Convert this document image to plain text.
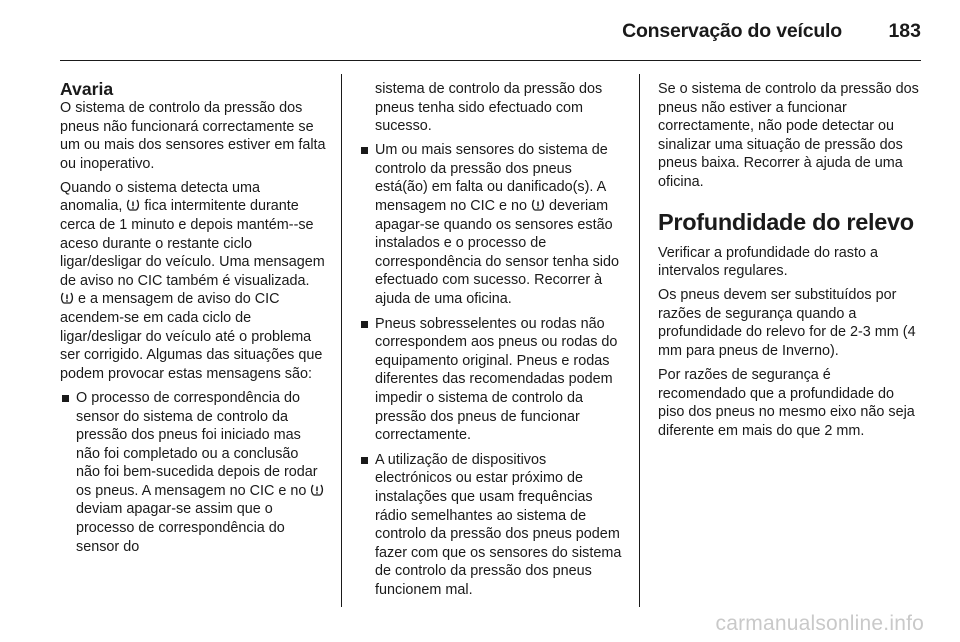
Conservação do veículo 183
Avaria

O sistema de controlo da pressão dos pneus não funcionará correctamente se um ou mais dos sensores estiver em falta ou inoperativo.

Quando o sistema detecta uma anomalia, fica intermitente durante cerca de 1 minuto e depois mantém--se aceso durante o restante ciclo ligar/desligar do veículo. Uma mensagem de aviso no CIC também é visualizada.
e a mensagem de aviso do CIC acendem-se em cada ciclo de ligar/desligar do veículo até o problema ser corrigido. Algumas das situações que podem provocar estas mensagens são:

O processo de correspondência do sensor do sistema de controlo da pressão dos pneus foi iniciado mas não foi completado ou a conclusão não foi bem-sucedida depois de rodar os pneus. A mensagem no CIC e no
deviam apagar-se assim que o processo de correspondência do sensor do

sistema de controlo da pressão dos pneus tenha sido efectuado com sucesso.

Um ou mais sensores do sistema de controlo da pressão dos pneus está(ão) em falta ou danificado(s). A mensagem no CIC e no deveriam apagar-se quando os sensores estão instalados e o processo de correspondência do sensor tenha sido efectuado com sucesso. Recorrer à ajuda de uma oficina.
Pneus sobresselentes ou rodas não correspondem aos pneus ou rodas do equipamento original. Pneus e rodas diferentes das recomendadas podem impedir o sistema de controlo da pressão dos pneus de funcionar correctamente.
A utilização de dispositivos electrónicos ou estar próximo de instalações que usam frequências rádio semelhantes ao sistema de controlo da pressão dos pneus podem fazer com que os sensores do sistema de controlo da pressão dos pneus funcionem mal.

Se o sistema de controlo da pressão dos pneus não estiver a funcionar correctamente, não pode detectar ou sinalizar uma situação de pressão dos pneus baixa. Recorrer à ajuda de uma oficina.

Profundidade do relevo

Verificar a profundidade do rasto a intervalos regulares.

Os pneus devem ser substituídos por razões de segurança quando a profundidade do relevo for de 2-3 mm (4 mm para pneus de Inverno).

Por razões de segurança é recomendado que a profundidade do piso dos pneus no mesmo eixo não seja diferente em mais do que 2 mm.

carmanualsonline.info
